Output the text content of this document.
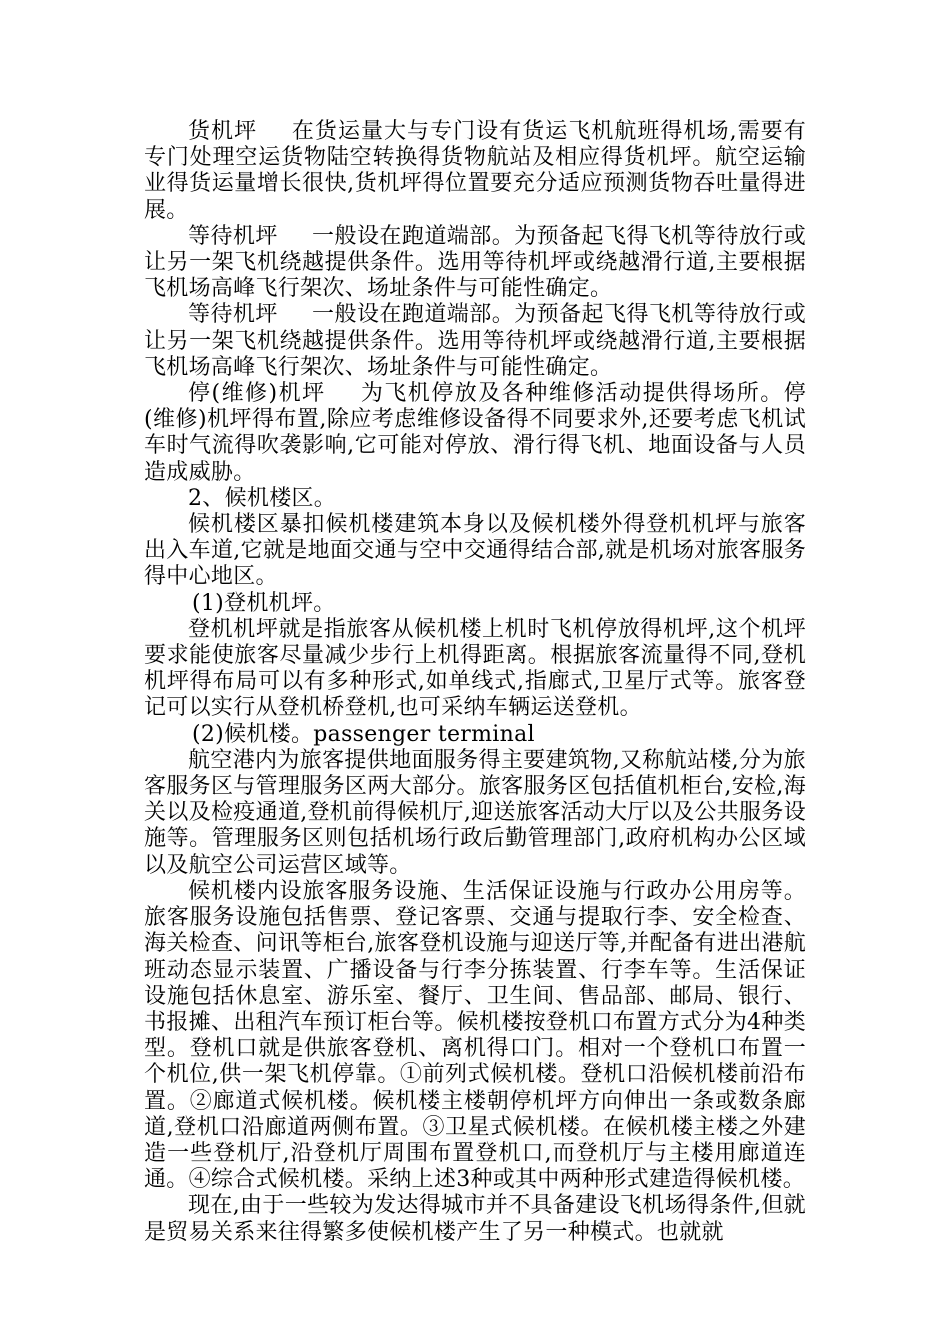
货机坪 在货运量大与专门设有货运飞机航班得机场,需要有专门处理空运货物陆空转换得货物航站及相应得货机坪。航空运输业得货运量增长很快,货机坪得位置要充分适应预测货物吞吐量得进展。

等待机坪 一般设在跑道端部。为预备起飞得飞机等待放行或让另一架飞机绕越提供条件。选用等待机坪或绕越滑行道,主要根据飞机场高峰飞行架次、场址条件与可能性确定。

等待机坪 一般设在跑道端部。为预备起飞得飞机等待放行或让另一架飞机绕越提供条件。选用等待机坪或绕越滑行道,主要根据飞机场高峰飞行架次、场址条件与可能性确定。

停(维修)机坪 为飞机停放及各种维修活动提供得场所。停(维修)机坪得布置,除应考虑维修设备得不同要求外,还要考虑飞机试车时气流得吹袭影响,它可能对停放、滑行得飞机、地面设备与人员造成威胁。

2、候机楼区。

候机楼区暴扣候机楼建筑本身以及候机楼外得登机机坪与旅客出入车道,它就是地面交通与空中交通得结合部,就是机场对旅客服务得中心地区。

(1)登机机坪。

登机机坪就是指旅客从候机楼上机时飞机停放得机坪,这个机坪要求能使旅客尽量减少步行上机得距离。根据旅客流量得不同,登机机坪得布局可以有多种形式,如单线式,指廊式,卫星厅式等。旅客登记可以实行从登机桥登机,也可采纳车辆运送登机。

(2)候机楼。passenger terminal

航空港内为旅客提供地面服务得主要建筑物,又称航站楼,分为旅客服务区与管理服务区两大部分。旅客服务区包括值机柜台,安检,海关以及检疫通道,登机前得候机厅,迎送旅客活动大厅以及公共服务设施等。管理服务区则包括机场行政后勤管理部门,政府机构办公区域以及航空公司运营区域等。

候机楼内设旅客服务设施、生活保证设施与行政办公用房等。旅客服务设施包括售票、登记客票、交通与提取行李、安全检查、海关检查、问讯等柜台,旅客登机设施与迎送厅等,并配备有进出港航班动态显示装置、广播设备与行李分拣装置、行李车等。生活保证设施包括休息室、游乐室、餐厅、卫生间、售品部、邮局、银行、书报摊、出租汽车预订柜台等。候机楼按登机口布置方式分为4种类型。登机口就是供旅客登机、离机得口门。相对一个登机口布置一个机位,供一架飞机停靠。①前列式候机楼。登机口沿候机楼前沿布置。②廊道式候机楼。候机楼主楼朝停机坪方向伸出一条或数条廊道,登机口沿廊道两侧布置。③卫星式候机楼。在候机楼主楼之外建造一些登机厅,沿登机厅周围布置登机口,而登机厅与主楼用廊道连通。④综合式候机楼。采纳上述3种或其中两种形式建造得候机楼。

现在,由于一些较为发达得城市并不具备建设飞机场得条件,但就是贸易关系来往得繁多使候机楼产生了另一种模式。也就就
